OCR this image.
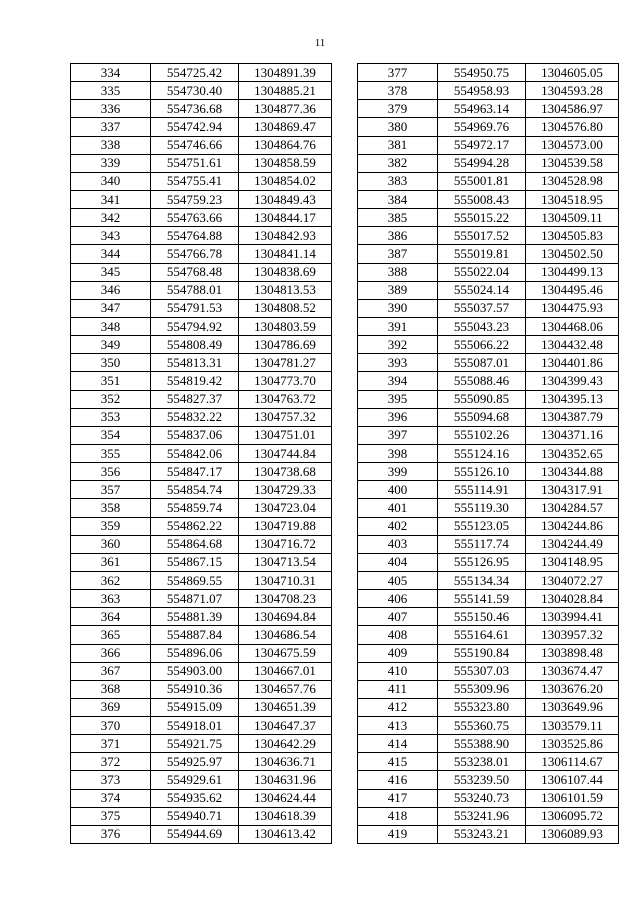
11
334	554725.42	1304891.39
335	554730.40	1304885.21
336	554736.68	1304877.36
337	554742.94	1304869.47
338	554746.66	1304864.76
339	554751.61	1304858.59
340	554755.41	1304854.02
341	554759.23	1304849.43
342	554763.66	1304844.17
343	554764.88	1304842.93
344	554766.78	1304841.14
345	554768.48	1304838.69
346	554788.01	1304813.53
347	554791.53	1304808.52
348	554794.92	1304803.59
349	554808.49	1304786.69
350	554813.31	1304781.27
351	554819.42	1304773.70
352	554827.37	1304763.72
353	554832.22	1304757.32
354	554837.06	1304751.01
355	554842.06	1304744.84
356	554847.17	1304738.68
357	554854.74	1304729.33
358	554859.74	1304723.04
359	554862.22	1304719.88
360	554864.68	1304716.72
361	554867.15	1304713.54
362	554869.55	1304710.31
363	554871.07	1304708.23
364	554881.39	1304694.84
365	554887.84	1304686.54
366	554896.06	1304675.59
367	554903.00	1304667.01
368	554910.36	1304657.76
369	554915.09	1304651.39
370	554918.01	1304647.37
371	554921.75	1304642.29
372	554925.97	1304636.71
373	554929.61	1304631.96
374	554935.62	1304624.44
375	554940.71	1304618.39
376	554944.69	1304613.42
377	554950.75	1304605.05
378	554958.93	1304593.28
379	554963.14	1304586.97
380	554969.76	1304576.80
381	554972.17	1304573.00
382	554994.28	1304539.58
383	555001.81	1304528.98
384	555008.43	1304518.95
385	555015.22	1304509.11
386	555017.52	1304505.83
387	555019.81	1304502.50
388	555022.04	1304499.13
389	555024.14	1304495.46
390	555037.57	1304475.93
391	555043.23	1304468.06
392	555066.22	1304432.48
393	555087.01	1304401.86
394	555088.46	1304399.43
395	555090.85	1304395.13
396	555094.68	1304387.79
397	555102.26	1304371.16
398	555124.16	1304352.65
399	555126.10	1304344.88
400	555114.91	1304317.91
401	555119.30	1304284.57
402	555123.05	1304244.86
403	555117.74	1304244.49
404	555126.95	1304148.95
405	555134.34	1304072.27
406	555141.59	1304028.84
407	555150.46	1303994.41
408	555164.61	1303957.32
409	555190.84	1303898.48
410	555307.03	1303674.47
411	555309.96	1303676.20
412	555323.80	1303649.96
413	555360.75	1303579.11
414	555388.90	1303525.86
415	553238.01	1306114.67
416	553239.50	1306107.44
417	553240.73	1306101.59
418	553241.96	1306095.72
419	553243.21	1306089.93
